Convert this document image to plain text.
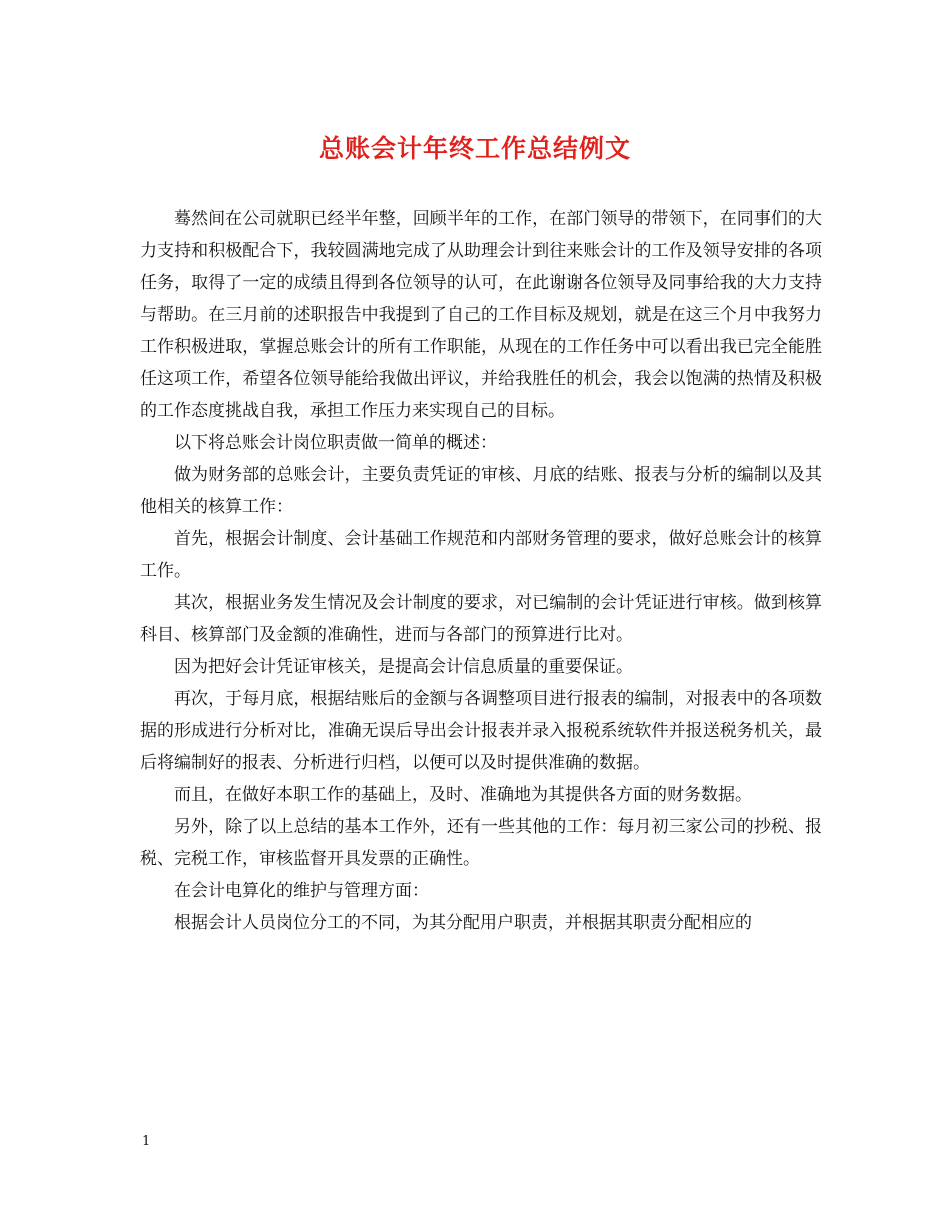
总账会计年终工作总结例文

蓦然间在公司就职已经半年整，回顾半年的工作，在部门领导的带领下，在同事们的大力支持和积极配合下，我较圆满地完成了从助理会计到往来账会计的工作及领导安排的各项任务，取得了一定的成绩且得到各位领导的认可，在此谢谢各位领导及同事给我的大力支持与帮助。在三月前的述职报告中我提到了自己的工作目标及规划，就是在这三个月中我努力工作积极进取，掌握总账会计的所有工作职能，从现在的工作任务中可以看出我已完全能胜任这项工作，希望各位领导能给我做出评议，并给我胜任的机会，我会以饱满的热情及积极的工作态度挑战自我，承担工作压力来实现自己的目标。

以下将总账会计岗位职责做一简单的概述：

做为财务部的总账会计，主要负责凭证的审核、月底的结账、报表与分析的编制以及其他相关的核算工作：

首先，根据会计制度、会计基础工作规范和内部财务管理的要求，做好总账会计的核算工作。

其次，根据业务发生情况及会计制度的要求，对已编制的会计凭证进行审核。做到核算科目、核算部门及金额的准确性，进而与各部门的预算进行比对。

因为把好会计凭证审核关，是提高会计信息质量的重要保证。

再次，于每月底，根据结账后的金额与各调整项目进行报表的编制，对报表中的各项数据的形成进行分析对比，准确无误后导出会计报表并录入报税系统软件并报送税务机关，最后将编制好的报表、分析进行归档，以便可以及时提供准确的数据。

而且，在做好本职工作的基础上，及时、准确地为其提供各方面的财务数据。

另外，除了以上总结的基本工作外，还有一些其他的工作：每月初三家公司的抄税、报税、完税工作，审核监督开具发票的正确性。

在会计电算化的维护与管理方面：

根据会计人员岗位分工的不同，为其分配用户职责，并根据其职责分配相应的

1
